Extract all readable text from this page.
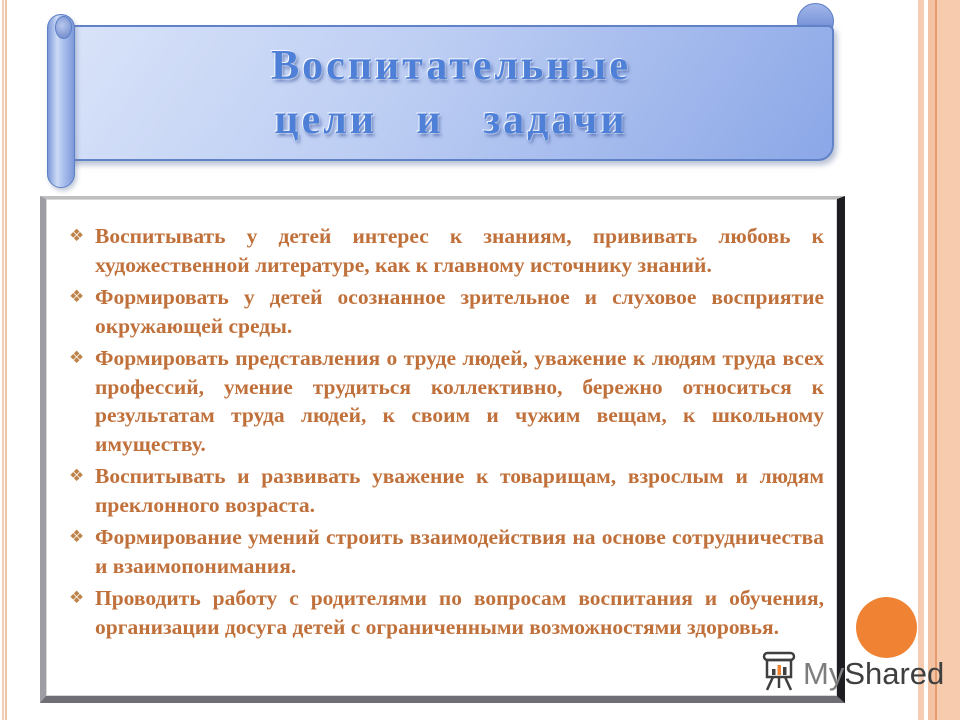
Воспитательные
цели и задачи
❖ Воспитывать у детей интерес к знаниям, прививать любовь к художественной литературе, как к главному источнику знаний.
❖ Формировать у детей осознанное зрительное и слуховое восприятие окружающей среды.
❖ Формировать представления о труде людей, уважение к людям труда всех профессий, умение трудиться коллективно, бережно относиться к результатам труда людей, к своим и чужим вещам, к школьному имуществу.
❖ Воспитывать и развивать уважение к товарищам, взрослым и людям преклонного возраста.
❖ Формирование умений строить взаимодействия на основе сотрудничества и взаимопонимания.
❖ Проводить работу с родителями по вопросам воспитания и обучения, организации досуга детей с ограниченными возможностями здоровья.
MyShared
